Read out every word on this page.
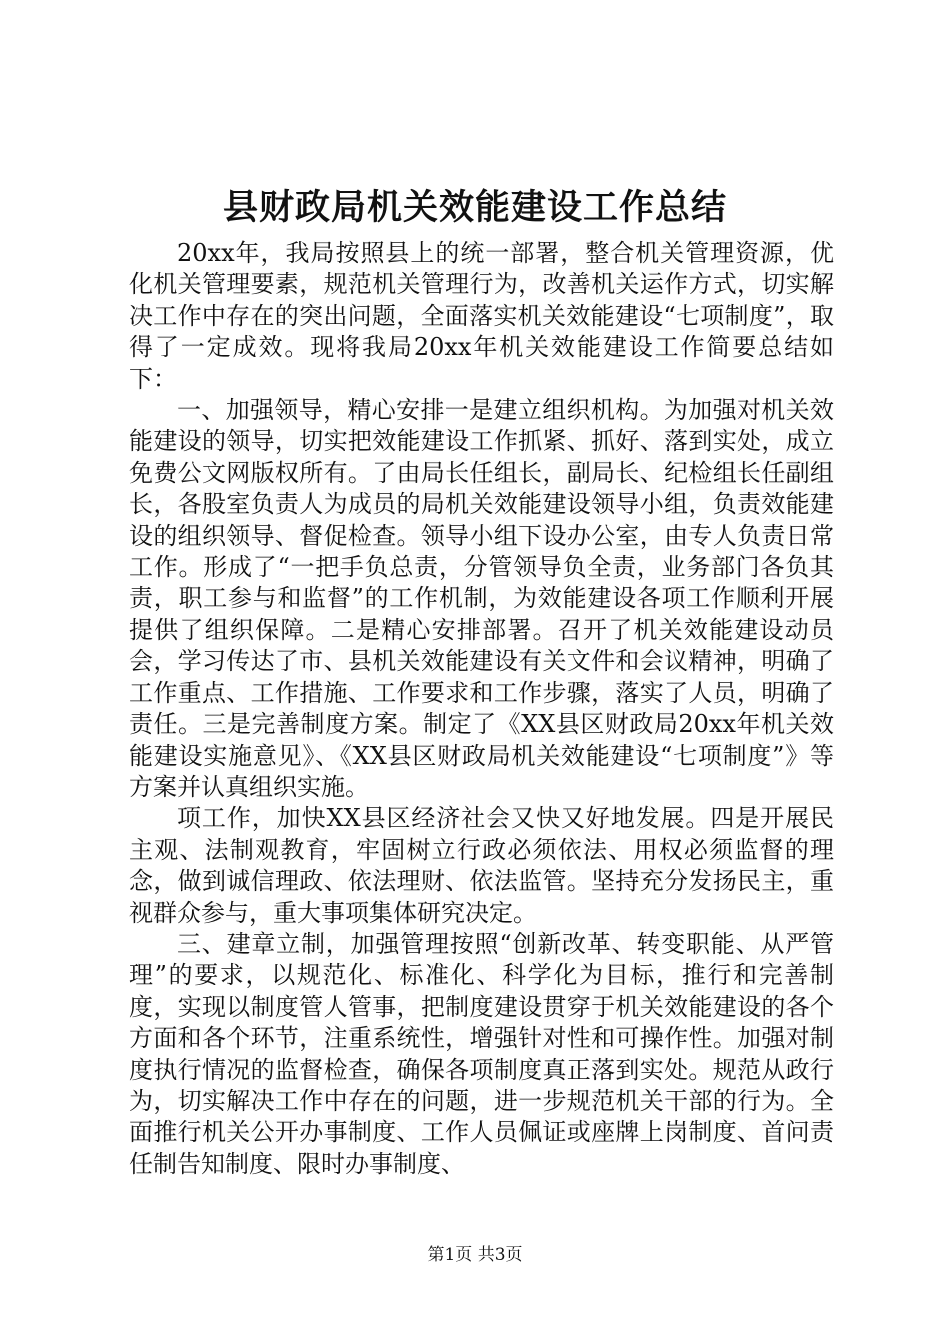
县财政局机关效能建设工作总结

20xx年，我局按照县上的统一部署，整合机关管理资源，优化机关管理要素，规范机关管理行为，改善机关运作方式，切实解决工作中存在的突出问题，全面落实机关效能建设“七项制度”，取得了一定成效。现将我局20xx年机关效能建设工作简要总结如下：

一、加强领导，精心安排一是建立组织机构。为加强对机关效能建设的领导，切实把效能建设工作抓紧、抓好、落到实处，成立免费公文网版权所有。了由局长任组长，副局长、纪检组长任副组长，各股室负责人为成员的局机关效能建设领导小组，负责效能建设的组织领导、督促检查。领导小组下设办公室，由专人负责日常工作。形成了“一把手负总责，分管领导负全责，业务部门各负其责，职工参与和监督”的工作机制，为效能建设各项工作顺利开展提供了组织保障。二是精心安排部署。召开了机关效能建设动员会，学习传达了市、县机关效能建设有关文件和会议精神，明确了工作重点、工作措施、工作要求和工作步骤，落实了人员，明确了责任。三是完善制度方案。制定了《XX县区财政局20xx年机关效能建设实施意见》、《XX县区财政局机关效能建设“七项制度”》等方案并认真组织实施。

项工作，加快XX县区经济社会又快又好地发展。四是开展民主观、法制观教育，牢固树立行政必须依法、用权必须监督的理念，做到诚信理政、依法理财、依法监管。坚持充分发扬民主，重视群众参与，重大事项集体研究决定。

三、建章立制，加强管理按照“创新改革、转变职能、从严管理”的要求，以规范化、标准化、科学化为目标，推行和完善制度，实现以制度管人管事，把制度建设贯穿于机关效能建设的各个方面和各个环节，注重系统性，增强针对性和可操作性。加强对制度执行情况的监督检查，确保各项制度真正落到实处。规范从政行为，切实解决工作中存在的问题，进一步规范机关干部的行为。全面推行机关公开办事制度、工作人员佩证或座牌上岗制度、首问责任制告知制度、限时办事制度、

第1页 共3页
